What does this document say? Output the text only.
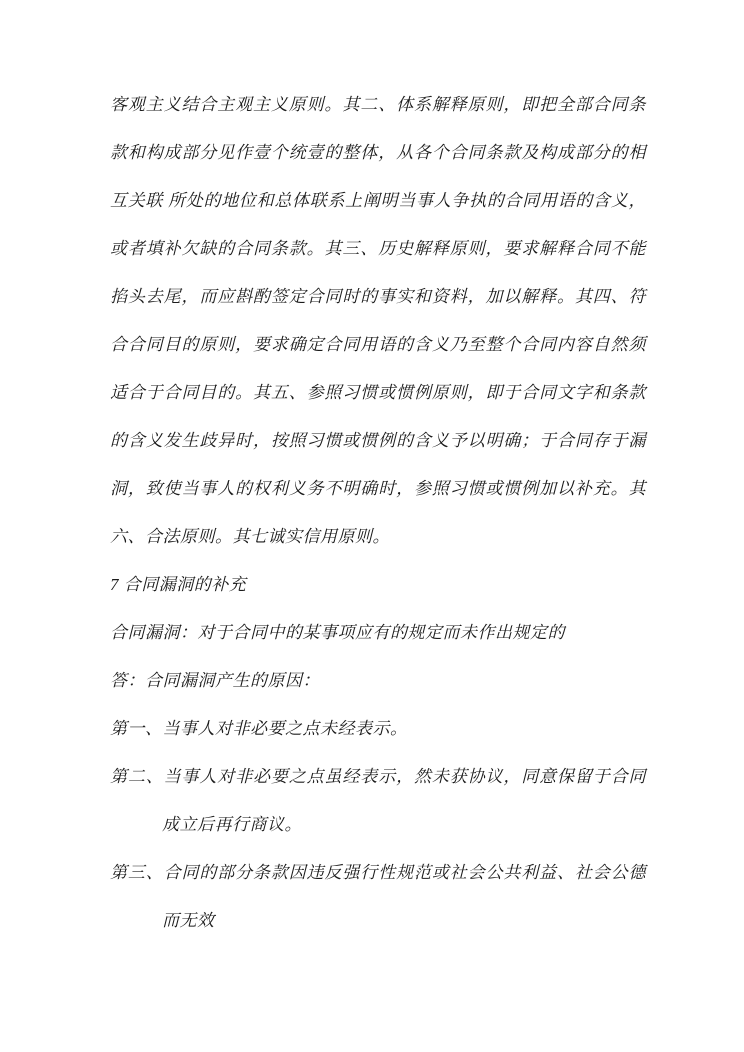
客观主义结合主观主义原则。其二、体系解释原则，即把全部合同条
款和构成部分见作壹个统壹的整体，从各个合同条款及构成部分的相
互关联 所处的地位和总体联系上阐明当事人争执的合同用语的含义，
或者填补欠缺的合同条款。其三、历史解释原则，要求解释合同不能
掐头去尾，而应斟酌签定合同时的事实和资料，加以解释。其四、符
合合同目的原则，要求确定合同用语的含义乃至整个合同内容自然须
适合于合同目的。其五、参照习惯或惯例原则，即于合同文字和条款
的含义发生歧异时，按照习惯或惯例的含义予以明确；于合同存于漏
洞，致使当事人的权利义务不明确时，参照习惯或惯例加以补充。其
六、合法原则。其七诚实信用原则。
7 合同漏洞的补充
合同漏洞：对于合同中的某事项应有的规定而未作出规定的
答：合同漏洞产生的原因：
第一、当事人对非必要之点未经表示。
第二、当事人对非必要之点虽经表示，然未获协议，同意保留于合同
成立后再行商议。
第三、合同的部分条款因违反强行性规范或社会公共利益、社会公德
而无效
